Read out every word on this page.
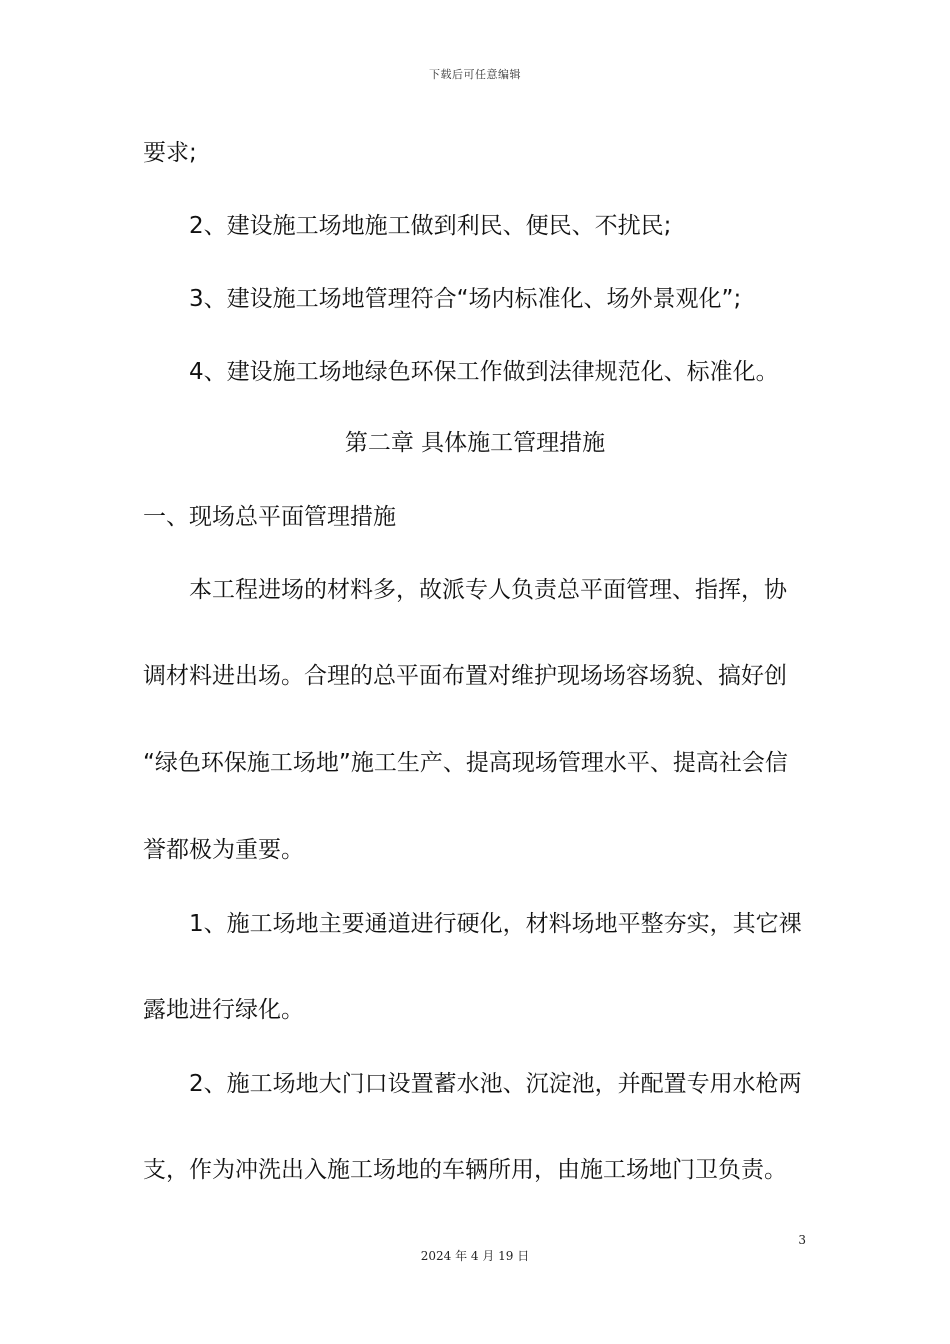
下载后可任意编辑
要求;
2、建设施工场地施工做到利民、便民、不扰民;
3、建设施工场地管理符合“场内标准化、场外景观化”;
4、建设施工场地绿色环保工作做到法律规范化、标准化。
第二章 具体施工管理措施
一、现场总平面管理措施
本工程进场的材料多，故派专人负责总平面管理、指挥，协
调材料进出场。合理的总平面布置对维护现场场容场貌、搞好创
“绿色环保施工场地”施工生产、提高现场管理水平、提高社会信
誉都极为重要。
1、施工场地主要通道进行硬化，材料场地平整夯实，其它裸
露地进行绿化。
2、施工场地大门口设置蓄水池、沉淀池，并配置专用水枪两
支，作为冲洗出入施工场地的车辆所用，由施工场地门卫负责。
3
2024 年 4 月 19 日
